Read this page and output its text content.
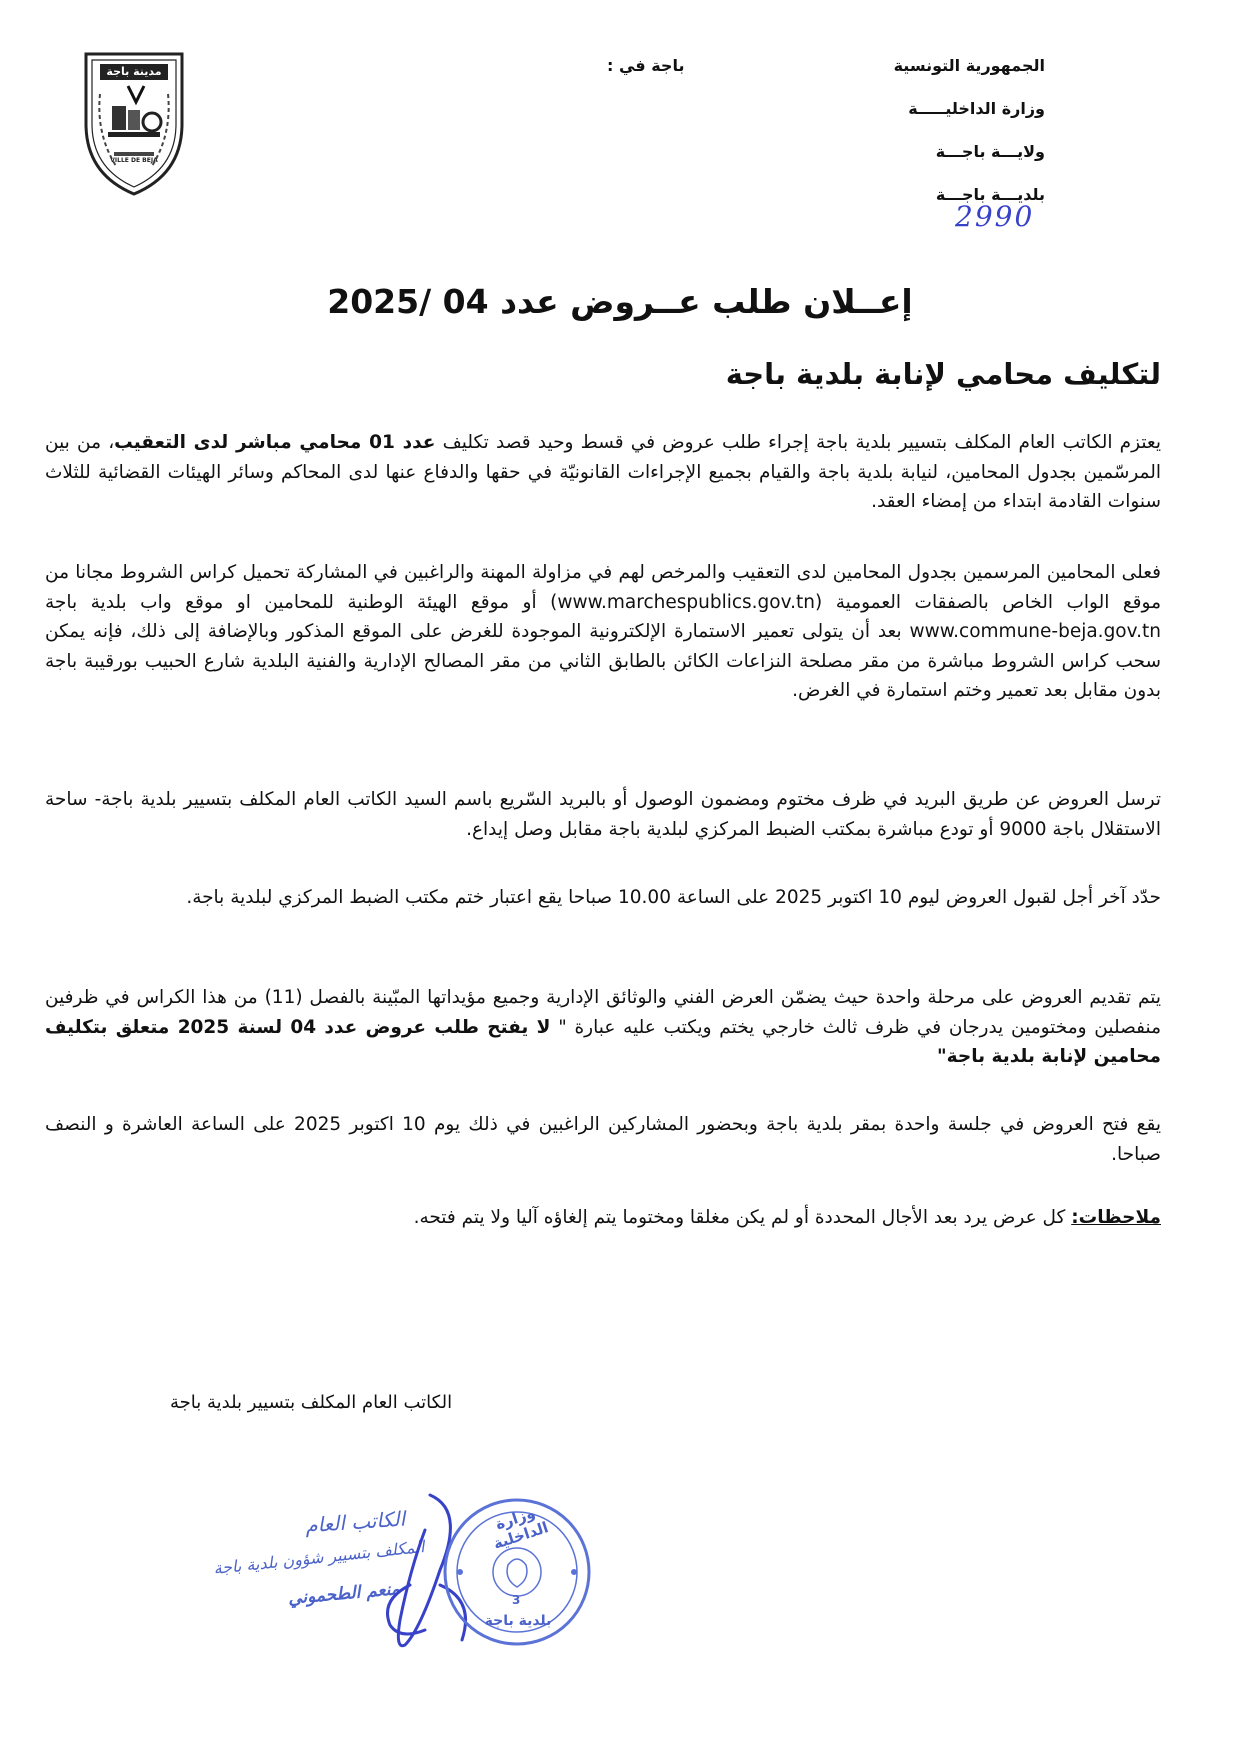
الجمهورية التونسية
وزارة الداخليـــــة
ولايـــة باجـــة
بلديـــة باجـــة
2990
باجة في :
مدينة باجة
VILLE DE BEJA
إعــلان طلب عــروض عدد 04 /2025
لتكليف محامي لإنابة بلدية باجة
يعتزم الكاتب العام المكلف بتسيير بلدية باجة إجراء طلب عروض في قسط وحيد قصد تكليف عدد 01 محامي مباشر لدى التعقيب، من بين المرسّمين بجدول المحامين، لنيابة بلدية باجة والقيام بجميع الإجراءات القانونيّة في حقها والدفاع عنها لدى المحاكم وسائر الهيئات القضائية للثلاث سنوات القادمة ابتداء من إمضاء العقد.
فعلى المحامين المرسمين بجدول المحامين لدى التعقيب والمرخص لهم في مزاولة المهنة والراغبين في المشاركة تحميل كراس الشروط مجانا من موقع الواب الخاص بالصفقات العمومية (www.marchespublics.gov.tn) أو موقع الهيئة الوطنية للمحامين او موقع واب بلدية باجة www.commune-beja.gov.tn بعد أن يتولى تعمير الاستمارة الإلكترونية الموجودة للغرض على الموقع المذكور وبالإضافة إلى ذلك، فإنه يمكن سحب كراس الشروط مباشرة من مقر مصلحة النزاعات الكائن بالطابق الثاني من مقر المصالح الإدارية والفنية البلدية شارع الحبيب بورقيبة باجة بدون مقابل بعد تعمير وختم استمارة في الغرض.
ترسل العروض عن طريق البريد في ظرف مختوم ومضمون الوصول أو بالبريد السّريع باسم السيد الكاتب العام المكلف بتسيير بلدية باجة- ساحة الاستقلال باجة 9000 أو تودع مباشرة بمكتب الضبط المركزي لبلدية باجة مقابل وصل إيداع.
حدّد آخر أجل لقبول العروض ليوم 10 اكتوبر 2025 على الساعة 10.00 صباحا يقع اعتبار ختم مكتب الضبط المركزي لبلدية باجة.
يتم تقديم العروض على مرحلة واحدة حيث يضمّن العرض الفني والوثائق الإدارية وجميع مؤيداتها المبّينة بالفصل (11) من هذا الكراس في ظرفين منفصلين ومختومين يدرجان في ظرف ثالث خارجي يختم ويكتب عليه عبارة " لا يفتح طلب عروض عدد 04 لسنة 2025 متعلق بتكليف محامين لإنابة بلدية باجة"
يقع فتح العروض في جلسة واحدة بمقر بلدية باجة وبحضور المشاركين الراغبين في ذلك يوم 10 اكتوبر 2025 على الساعة العاشرة و النصف صباحا.
ملاحظات: كل عرض يرد بعد الأجال المحددة أو لم يكن مغلقا ومختوما يتم إلغاؤه آليا ولا يتم فتحه.
الكاتب العام المكلف بتسيير بلدية باجة
الكاتب العام
المكلف بتسيير شؤون بلدية باجة
منعم الطحموني
وزارة الداخلية
بلدية باجة
3
